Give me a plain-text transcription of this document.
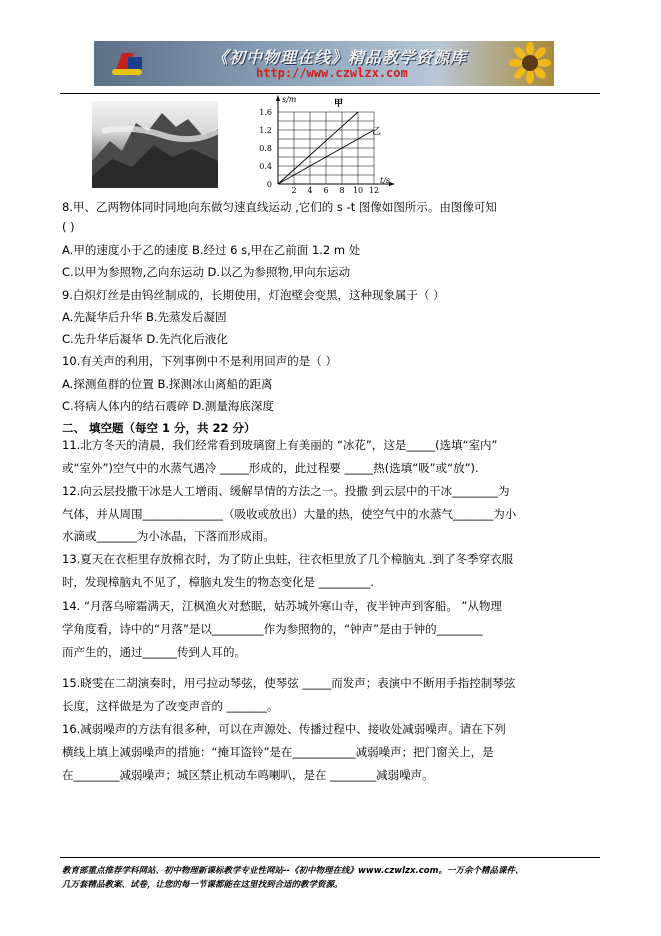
《初中物理在线》精品教学资源库
http://www.czwlzx.com
s/m
t/s
1.6
1.2
0.8
0.4
0
2 4 6 8 10 12
甲
乙
8.甲、乙两物体同时同地向东做匀速直线运动 ,它们的 s -t 图像如图所示。由图像可知
( )
A.甲的速度小于乙的速度 B.经过 6 s,甲在乙前面 1.2 m 处
C.以甲为参照物,乙向东运动 D.以乙为参照物,甲向东运动
9.白炽灯丝是由钨丝制成的，长期使用，灯泡壁会变黑，这种现象属于（ ）
A.先凝华后升华 B.先蒸发后凝固
C.先升华后凝华 D.先汽化后液化
10.有关声的利用，下列事例中不是利用回声的是（ ）
A.探测鱼群的位置 B.探测冰山离船的距离
C.将病人体内的结石震碎 D.测量海底深度
二、 填空题（每空 1 分，共 22 分）
11.北方冬天的清晨，我们经常看到玻璃窗上有美丽的 “冰花”，这是_____(选填“室内”
或“室外”)空气中的水蒸气遇冷 _____形成的，此过程要 _____热(选填“吸”或“放”).
12.向云层投撒干冰是人工增雨、缓解旱情的方法之一。投撒 到云层中的干冰________为
气体，并从周围______________（吸收或放出）大量的热，使空气中的水蒸气_______为小
水滴或_______为小冰晶，下落而形成雨。
13.夏天在衣柜里存放棉衣时，为了防止虫蛀，往衣柜里放了几个樟脑丸 .到了冬季穿衣服
时，发现樟脑丸不见了，樟脑丸发生的物态变化是 _________.
14. “月落乌啼霜满天，江枫渔火对愁眠，姑苏城外寒山寺，夜半钟声到客船。 ”从物理
学角度看，诗中的“月落”是以_________作为参照物的，“钟声”是由于钟的________
而产生的，通过______传到人耳的。
15.晓雯在二胡演奏时，用弓拉动琴弦，使琴弦 _____而发声；表演中不断用手指控制琴弦
长度，这样做是为了改变声音的 _______。
16.减弱噪声的方法有很多种，可以在声源处、传播过程中、接收处减弱噪声。请在下列
横线上填上减弱噪声的措施：“掩耳盗铃”是在___________减弱噪声；把门窗关上，是
在________减弱噪声；城区禁止机动车鸣喇叭，是在 ________减弱噪声。
教育部重点推荐学科网站、初中物理新课标教学专业性网站--《初中物理在线》www.czwlzx.com。一万余个精品课件、
几万套精品教案、试卷，让您的每一节课都能在这里找到合适的教学资源。
